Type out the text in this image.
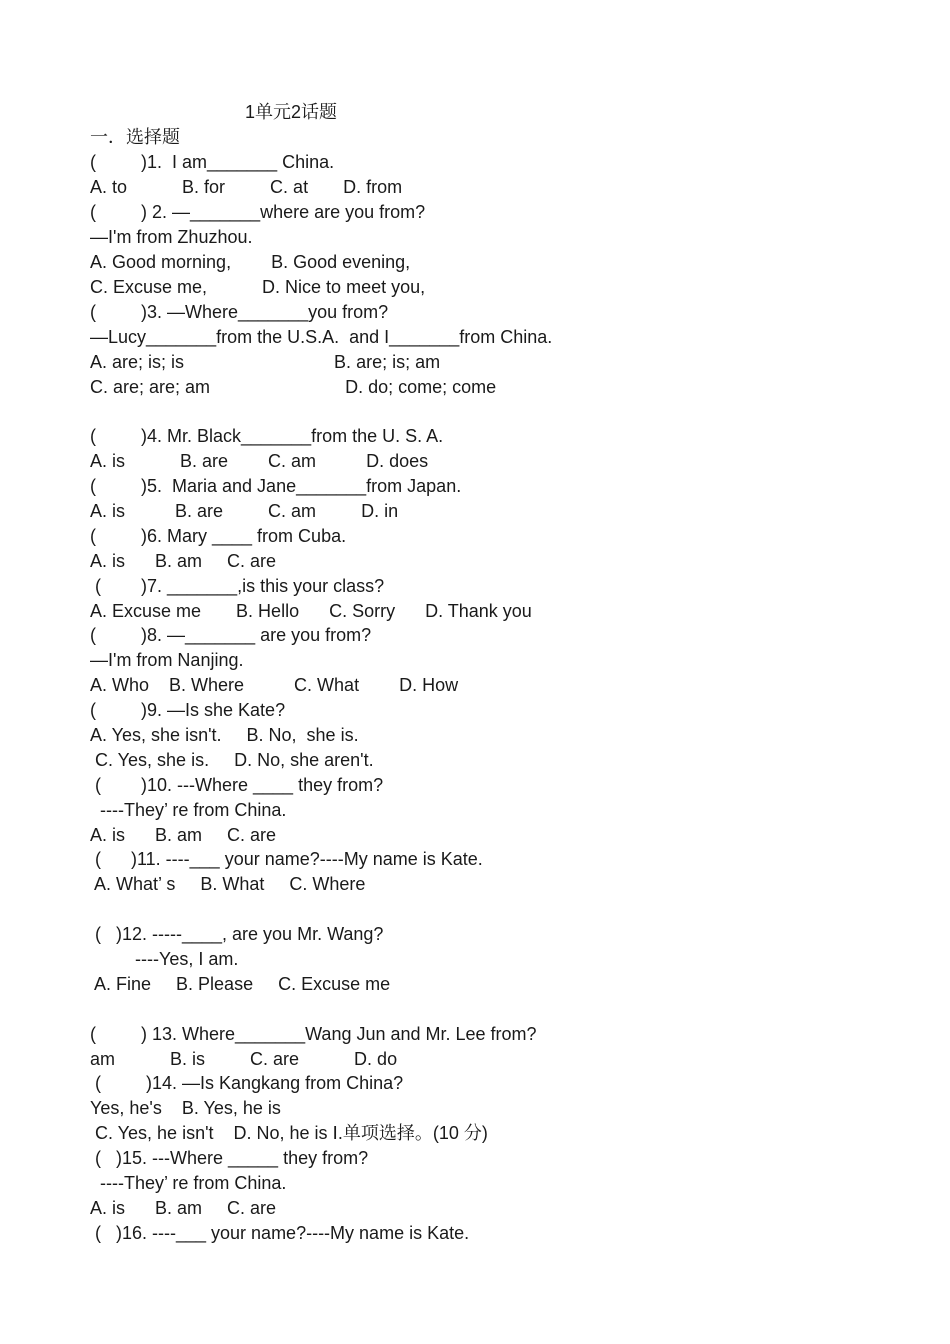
1单元2话题
一．选择题
(         )1.  I am_______ China.
A. to           B. for         C. at       D. from
(         ) 2. —_______where are you from?
—I'm from Zhuzhou.
A. Good morning,        B. Good evening,
C. Excuse me,           D. Nice to meet you,
(         )3. —Where_______you from?
—Lucy_______from the U.S.A.  and I_______from China.
A. are; is; is                              B. are; is; am
C. are; are; am                           D. do; come; come
(         )4. Mr. Black_______from the U. S. A.
A. is           B. are        C. am          D. does
(         )5.  Maria and Jane_______from Japan.
A. is          B. are         C. am         D. in
(         )6. Mary ____ from Cuba.
A. is      B. am     C. are
(        )7. _______,is this your class?
A. Excuse me       B. Hello      C. Sorry      D. Thank you
(         )8. —_______ are you from?
—I'm from Nanjing.
A. Who    B. Where          C. What        D. How
(         )9. —Is she Kate?
A. Yes, she isn't.     B. No,  she is.
C. Yes, she is.     D. No, she aren't.
(        )10. ---Where ____ they from?
----They’ re from China.
A. is      B. am     C. are
(      )11. ----___ your name?----My name is Kate.
A. What’ s     B. What     C. Where
(   )12. -----____, are you Mr. Wang?
----Yes, I am.
A. Fine     B. Please     C. Excuse me
(         ) 13. Where_______Wang Jun and Mr. Lee from?
am           B. is         C. are           D. do
(         )14. —Is Kangkang from China?
Yes, he's    B. Yes, he is
C. Yes, he isn't    D. No, he is Ⅰ.单项选择。(10 分)
(   )15. ---Where _____ they from?
----They’ re from China.
A. is      B. am     C. are
(   )16. ----___ your name?----My name is Kate.
